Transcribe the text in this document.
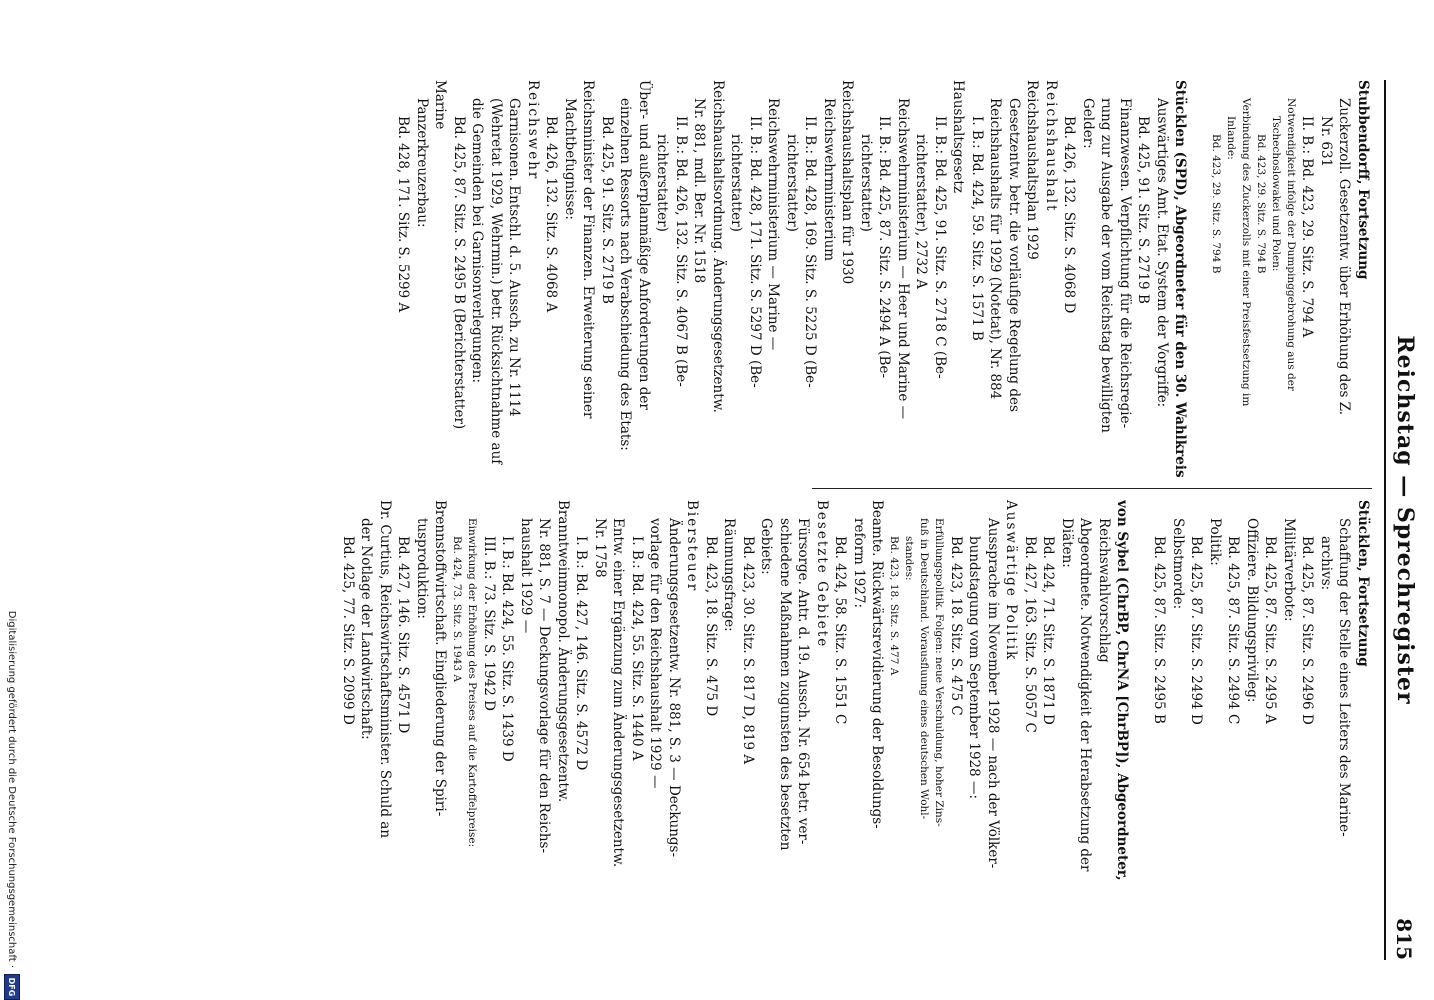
Reichstag — Sprechregister
815
Stubbendorff, Fortsetzung
Zuckerzoll. Gesetzentw. über Erhöhung des Z.
Nr. 631
II. B.: Bd. 423, 29. Sitz. S. 794 A
Notwendigkeit infolge der Dumpinggebrohung aus der
Tschechoslowakei und Polen:
Bd. 423, 29. Sitz. S. 794 B
Verbindung des Zuckerzolls mit einer Preisfestsetzung im
Inlande:
Bd. 423, 29. Sitz. S. 794 B

Stücklen (SPD), Abgeordneter für den 30. Wahlkreis
Auswärtiges Amt. Etat. System der Vorgriffe:
Bd. 425, 91. Sitz. S. 2719 B
Finanzwesen. Verpflichtung für die Reichsregie-
rung zur Ausgabe der vom Reichstag bewilligten
Gelder:
Bd. 426, 132. Sitz. S. 4068 D
Reichshaushalt
Reichshaushaltsplan 1929
Gesetzentw. betr. die vorläufige Regelung des
Reichshaushalts für 1929 (Notetat), Nr. 884
I. B.: Bd. 424, 59. Sitz. S. 1571 B
Haushaltsgesetz
II. B.: Bd. 425, 91. Sitz. S. 2718 C (Be-
richterstatter), 2732 A
Reichswehrministerium — Heer und Marine —
II. B.: Bd. 425, 87. Sitz. S. 2494 A (Be-
richterstatter)
Reichshaushaltsplan für 1930
Reichswehrministerium
II. B.: Bd. 428, 169. Sitz. S. 5225 D (Be-
richterstatter)
Reichswehrministerium — Marine —
II. B.: Bd. 428, 171. Sitz. S. 5297 D (Be-
richterstatter)
Reichshaushaltsordnung. Änderungsgesetzentw.
Nr. 881, mdl. Ber. Nr. 1518
II. B.: Bd. 426, 132. Sitz. S. 4067 B (Be-
richterstatter)
Über- und außerplanmäßige Anforderungen der
einzelnen Ressorts nach Verabschiedung des Etats:
Bd. 425, 91. Sitz. S. 2719 B
Reichsminister der Finanzen. Erweiterung seiner
Machtbefugnisse:
Bd. 426, 132. Sitz. S. 4068 A
Reichswehr
Garnisonen. Entschl. d. 5. Aussch. zu Nr. 1114
(Wehretat 1929, Wehrmin.) betr. Rücksichtnahme auf
die Gemeinden bei Garnisonverlegungen:
Bd. 425, 87. Sitz. S. 2495 B (Berichterstatter)
Marine
Panzerkreuzerbau:
Bd. 428, 171. Sitz. S. 5299 A
Stücklen, Fortsetzung
Schaffung der Stelle eines Leiters des Marine-
archivs:
Bd. 425, 87. Sitz. S. 2496 D
Militärverbote:
Bd. 425, 87. Sitz. S. 2495 A
Offiziere. Bildungsprivileg:
Bd. 425, 87. Sitz. S. 2494 C
Politik:
Bd. 425, 87. Sitz. S. 2494 D
Selbstmorde:
Bd. 425, 87. Sitz. S. 2495 B

von Sybel (ChrBP, ChrNA [ChrBP]), Abgeordneter,
Reichswahlvorschlag
Abgeordnete. Notwendigkeit der Herabsetzung der
Diäten:
Bd. 424, 71. Sitz. S. 1871 D
Bd. 427, 163. Sitz. S. 5057 C
Auswärtige Politik
Aussprache im November 1928 — nach der Völker-
bundstagung vom September 1928 —:
Bd. 423, 18. Sitz. S. 475 C
Erfüllungspolitik. Folgen: neue Verschuldung, hoher Zins-
fuß in Deutschland. Vorausfluung eines deutschen Wohl-
standes:
Bd. 423, 18. Sitz. S. 477 A
Beamte. Rückwärtsrevidierung der Besoldungs-
reform 1927:
Bd. 424, 58. Sitz. S. 1551 C
Besetzte Gebiete
Fürsorge. Antr. d. 19. Aussch. Nr. 654 betr. ver-
schiedene Maßnahmen zugunsten des besetzten
Gebiets:
Bd. 423, 30. Sitz. S. 817 D, 819 A
Räumungsfrage:
Bd. 423, 18. Sitz. S. 475 D
Biersteuer
Änderungsgesetzentw. Nr. 881, S. 3 — Deckungs-
vorlage für den Reichshaushalt 1929 —
I. B.: Bd. 424, 55. Sitz. S. 1440 A
Entw. einer Ergänzung zum Änderungsgesetzentw.
Nr. 1758
I. B.: Bd. 427, 146. Sitz. S. 4572 D
Branntweinmonopol. Änderungsgesetzentw.
Nr. 881, S. 7 — Deckungsvorlage für den Reichs-
haushalt 1929 —
I. B.: Bd. 424, 55. Sitz. S. 1439 D
III. B.: 73. Sitz. S. 1942 D
Einwirkung der Erhöhung des Preises auf die Kartoffelpreise:
Bd. 424, 73. Sitz. S. 1943 A
Brennstoffwirtschaft. Eingliederung der Spiri-
tusproduktion:
Bd. 427, 146. Sitz. S. 4571 D
Dr. Curtius, Reichswirtschaftsminister. Schuld an
der Notlage der Landwirtschaft:
Bd. 425, 77. Sitz. S. 2099 D
Digitalisierung gefördert durch die Deutsche Forschungsgemeinschaft ·
DFG
